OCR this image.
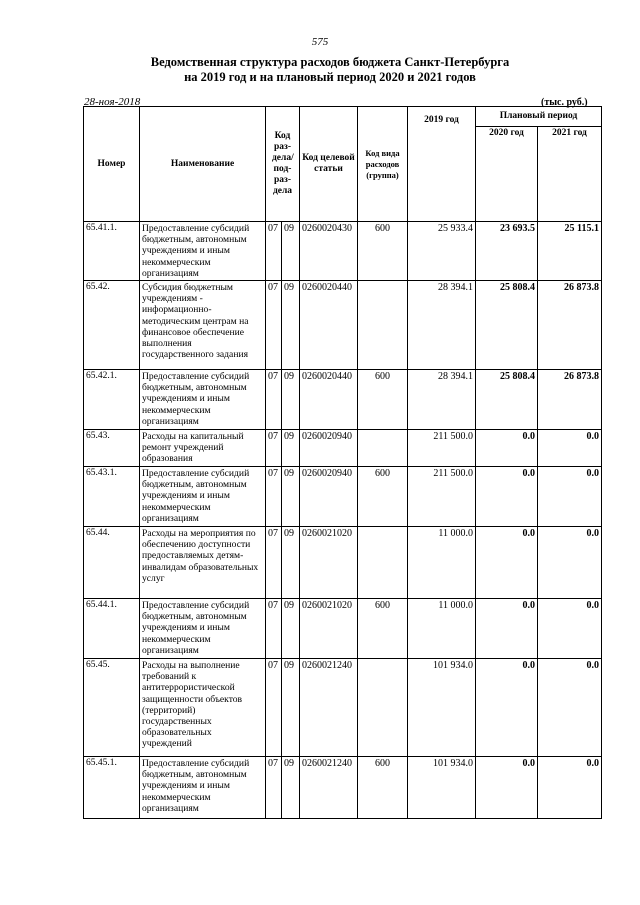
575
Ведомственная структура расходов бюджета Санкт-Петербурга
на 2019 год и на плановый период 2020 и 2021 годов
28-ноя-2018	(тыс. руб.)
Номер	Наименование	Код раз- дела/ под- раз- дела		Код целевой статьи	Код вида расходов (группа)	2019 год	Плановый период	
							2020 год	2021 год
65.41.1.	Предоставление субсидий бюджетным, автономным учреждениям и иным некоммерческим организациям	07	09	0260020430	600	25 933.4	23 693.5	25 115.1
65.42.	Субсидия бюджетным учреждениям - информационно-методическим центрам на финансовое обеспечение выполнения государственного задания	07	09	0260020440		28 394.1	25 808.4	26 873.8
65.42.1.	Предоставление субсидий бюджетным, автономным учреждениям и иным некоммерческим организациям	07	09	0260020440	600	28 394.1	25 808.4	26 873.8
65.43.	Расходы на капитальный ремонт учреждений образования	07	09	0260020940		211 500.0	0.0	0.0
65.43.1.	Предоставление субсидий бюджетным, автономным учреждениям и иным некоммерческим организациям	07	09	0260020940	600	211 500.0	0.0	0.0
65.44.	Расходы на мероприятия по обеспечению доступности предоставляемых детям-инвалидам образовательных услуг	07	09	0260021020		11 000.0	0.0	0.0
65.44.1.	Предоставление субсидий бюджетным, автономным учреждениям и иным некоммерческим организациям	07	09	0260021020	600	11 000.0	0.0	0.0
65.45.	Расходы на выполнение требований к антитеррористической защищенности объектов (территорий) государственных образовательных учреждений	07	09	0260021240		101 934.0	0.0	0.0
65.45.1.	Предоставление субсидий бюджетным, автономным учреждениям и иным некоммерческим организациям	07	09	0260021240	600	101 934.0	0.0	0.0
